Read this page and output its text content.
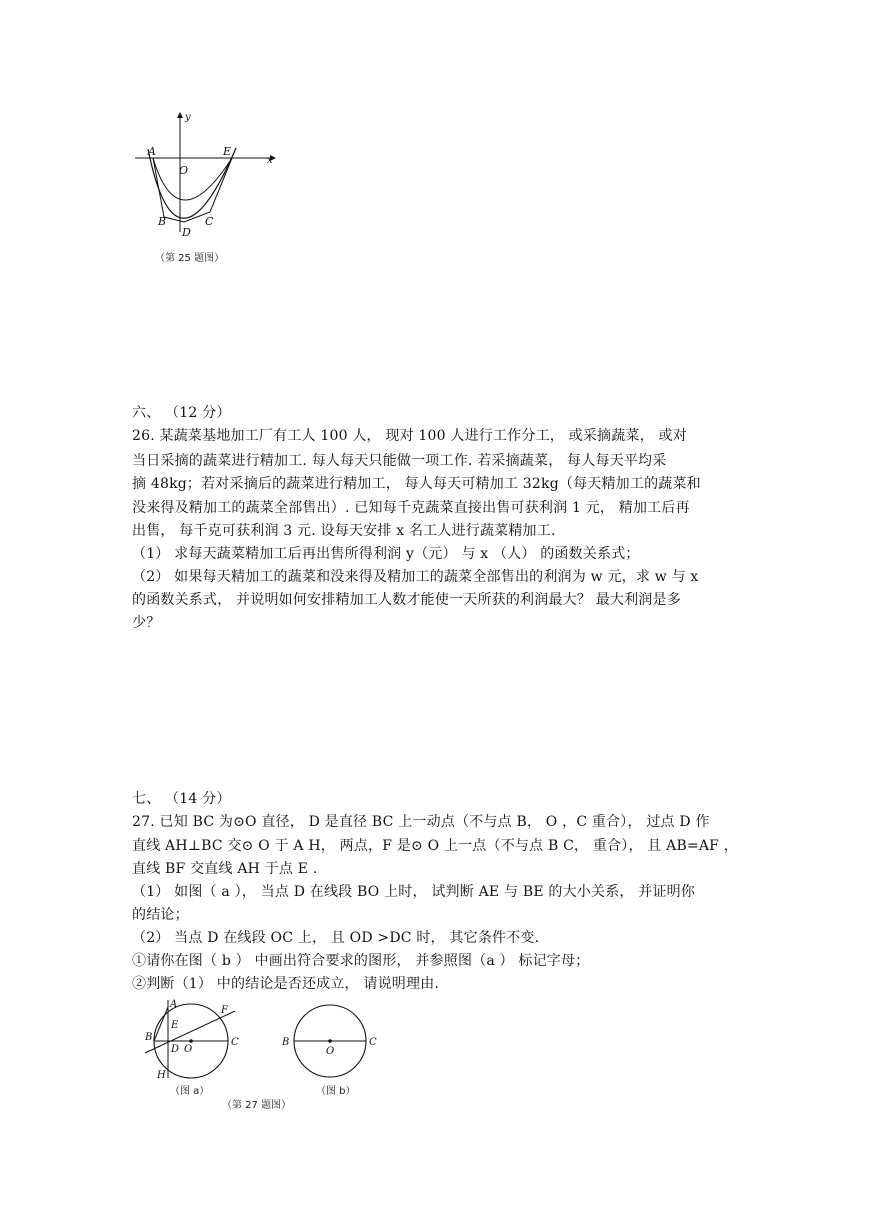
y
x
A	E
O
B	C
D
（第 25 题图）
六、 （12 分）
26. 某蔬菜基地加工厂有工人 100 人， 现对 100 人进行工作分工， 或采摘蔬菜， 或对
当日采摘的蔬菜进行精加工. 每人每天只能做一项工作. 若采摘蔬菜， 每人每天平均采
摘 48kg；若对采摘后的蔬菜进行精加工， 每人每天可精加工 32kg（每天精加工的蔬菜和
没来得及精加工的蔬菜全部售出）. 已知每千克蔬菜直接出售可获利润 1 元， 精加工后再
出售， 每千克可获利润 3 元. 设每天安排 x 名工人进行蔬菜精加工.
（1） 求每天蔬菜精加工后再出售所得利润 y（元） 与 x （人） 的函数关系式；
（2） 如果每天精加工的蔬菜和没来得及精加工的蔬菜全部售出的利润为 w 元，求 w 与 x
的函数关系式， 并说明如何安排精加工人数才能使一天所获的利润最大？ 最大利润是多
少？
七、 （14 分）
27. 已知 BC 为⊙O 直径， D 是直径 BC 上一动点（不与点 B， O ，C 重合）， 过点 D 作
直线 AH⊥BC 交⊙ O 于 A H， 两点，F 是⊙ O 上一点（不与点 B C， 重合）， 且 AB=AF ，
直线 BF 交直线 AH 于点 E .
（1） 如图（ a ）， 当点 D 在线段 BO 上时， 试判断 AE 与 BE 的大小关系， 并证明你
的结论；
（2） 当点 D 在线段 OC 上， 且 OD >DC 时， 其它条件不变.
①请你在图（ b ） 中画出符合要求的图形， 并参照图（a ） 标记字母；
②判断（1） 中的结论是否还成立， 请说明理由.
A
F
E
B
D O
C
H
（图 a）
B
O
C
（图 b）
（第 27 题图）
